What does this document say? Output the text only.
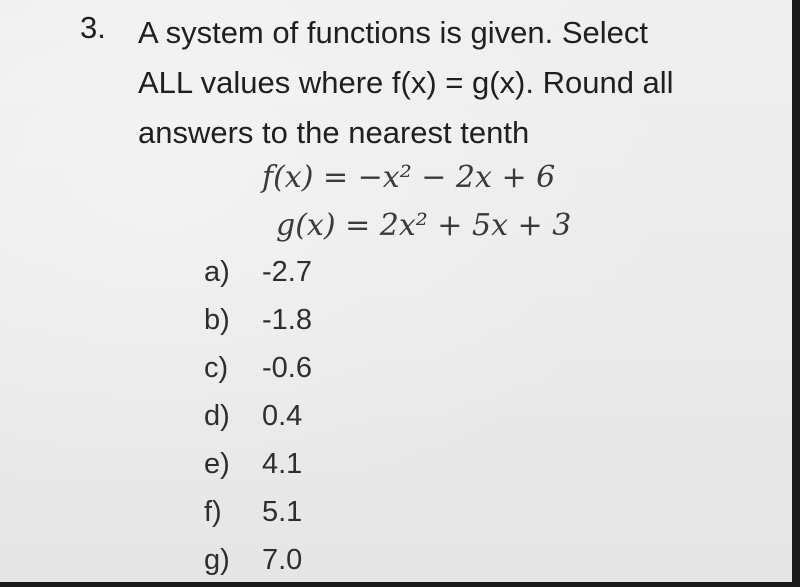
3. A system of functions is given. Select
ALL values where f(x) = g(x). Round all
answers to the nearest tenth
f(x) = −x² − 2x + 6
g(x) = 2x² + 5x + 3
a) -2.7
b) -1.8
c) -0.6
d) 0.4
e) 4.1
f) 5.1
g) 7.0
